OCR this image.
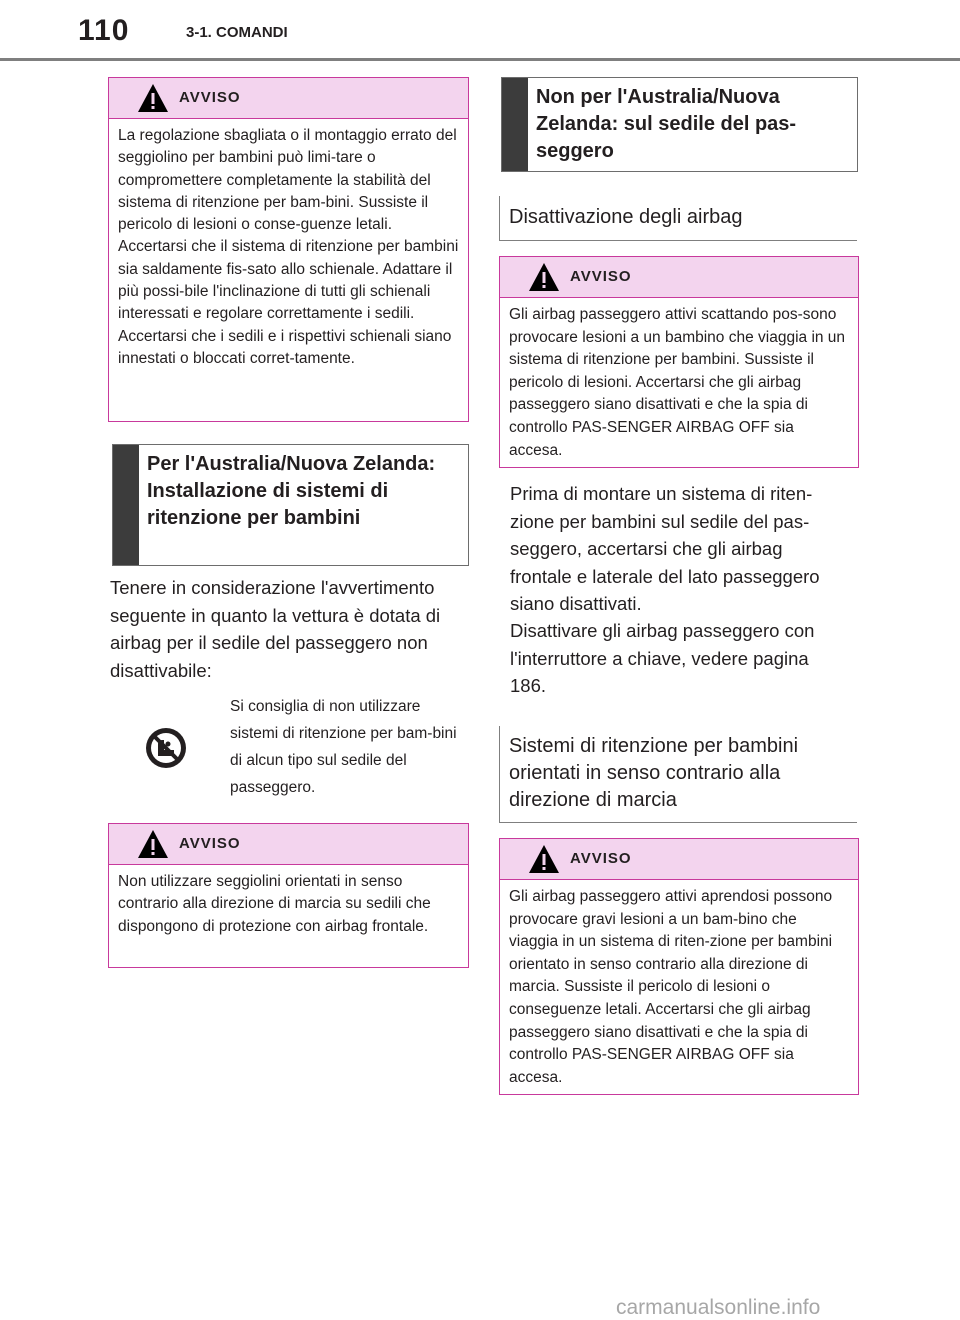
110	3-1. COMANDI
AVVISO
La regolazione sbagliata o il montaggio errato del seggiolino per bambini può limi-tare o compromettere completamente la stabilità del sistema di ritenzione per bam-bini. Sussiste il pericolo di lesioni o conse-guenze letali. Accertarsi che il sistema di ritenzione per bambini sia saldamente fis-sato allo schienale. Adattare il più possi-bile l'inclinazione di tutti gli schienali interessati e regolare correttamente i sedili. Accertarsi che i sedili e i rispettivi schienali siano innestati o bloccati corret-tamente.
Per l'Australia/Nuova Zelanda: Installazione di sistemi di ritenzione per bambini
Tenere in considerazione l'avvertimento seguente in quanto la vettura è dotata di airbag per il sedile del passeggero non disattivabile:
Si consiglia di non utilizzare sistemi di ritenzione per bam-bini di alcun tipo sul sedile del passeggero.
AVVISO
Non utilizzare seggiolini orientati in senso contrario alla direzione di marcia su sedili che dispongono di protezione con airbag frontale.
Non per l'Australia/Nuova Zelanda: sul sedile del pas-seggero
Disattivazione degli airbag
AVVISO
Gli airbag passeggero attivi scattando pos-sono provocare lesioni a un bambino che viaggia in un sistema di ritenzione per bambini. Sussiste il pericolo di lesioni. Accertarsi che gli airbag passeggero siano disattivati e che la spia di controllo PAS-SENGER AIRBAG OFF sia accesa.
Prima di montare un sistema di riten-zione per bambini sul sedile del pas-seggero, accertarsi che gli airbag frontale e laterale del lato passeggero siano disattivati.
Disattivare gli airbag passeggero con l'interruttore a chiave, vedere pagina 186.
Sistemi di ritenzione per bambini orientati in senso contrario alla direzione di marcia
AVVISO
Gli airbag passeggero attivi aprendosi possono provocare gravi lesioni a un bam-bino che viaggia in un sistema di riten-zione per bambini orientato in senso contrario alla direzione di marcia. Sussiste il pericolo di lesioni o conseguenze letali. Accertarsi che gli airbag passeggero siano disattivati e che la spia di controllo PAS-SENGER AIRBAG OFF sia accesa.
carmanualsonline.info
